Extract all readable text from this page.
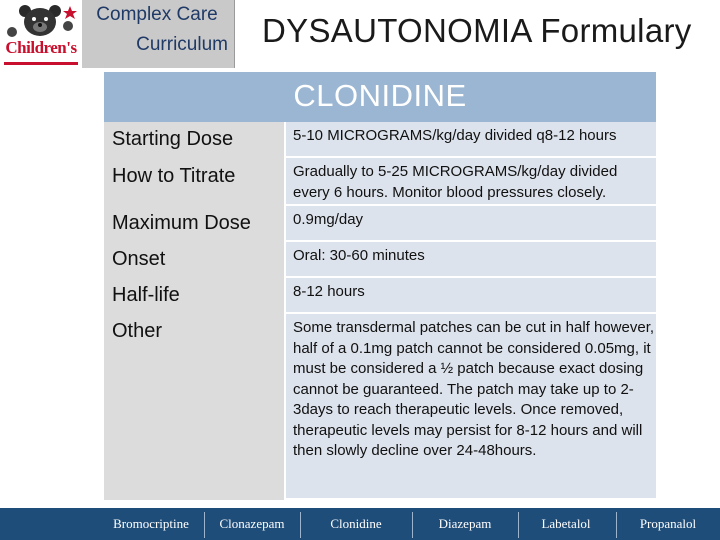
Children's
Complex Care
Curriculum DYSAUTONOMIA Formulary
CLONIDINE
Starting Dose	5-10 MICROGRAMS/kg/day divided q8-12 hours
How to Titrate	Gradually to 5-25 MICROGRAMS/kg/day divided every 6 hours. Monitor blood pressures closely.
Maximum Dose	0.9mg/day
Onset	Oral: 30-60 minutes
Half-life	8-12 hours
Other	Some transdermal patches can be cut in half however, half of a 0.1mg patch cannot be considered 0.05mg, it must be considered a ½ patch because exact dosing cannot be guaranteed. The patch may take up to 2-3days to reach therapeutic levels. Once removed, therapeutic levels may persist for 8-12 hours and will then slowly decline over 24-48hours.
Bromocriptine	Clonazepam	Clonidine	Diazepam	Labetalol	Propanalol
